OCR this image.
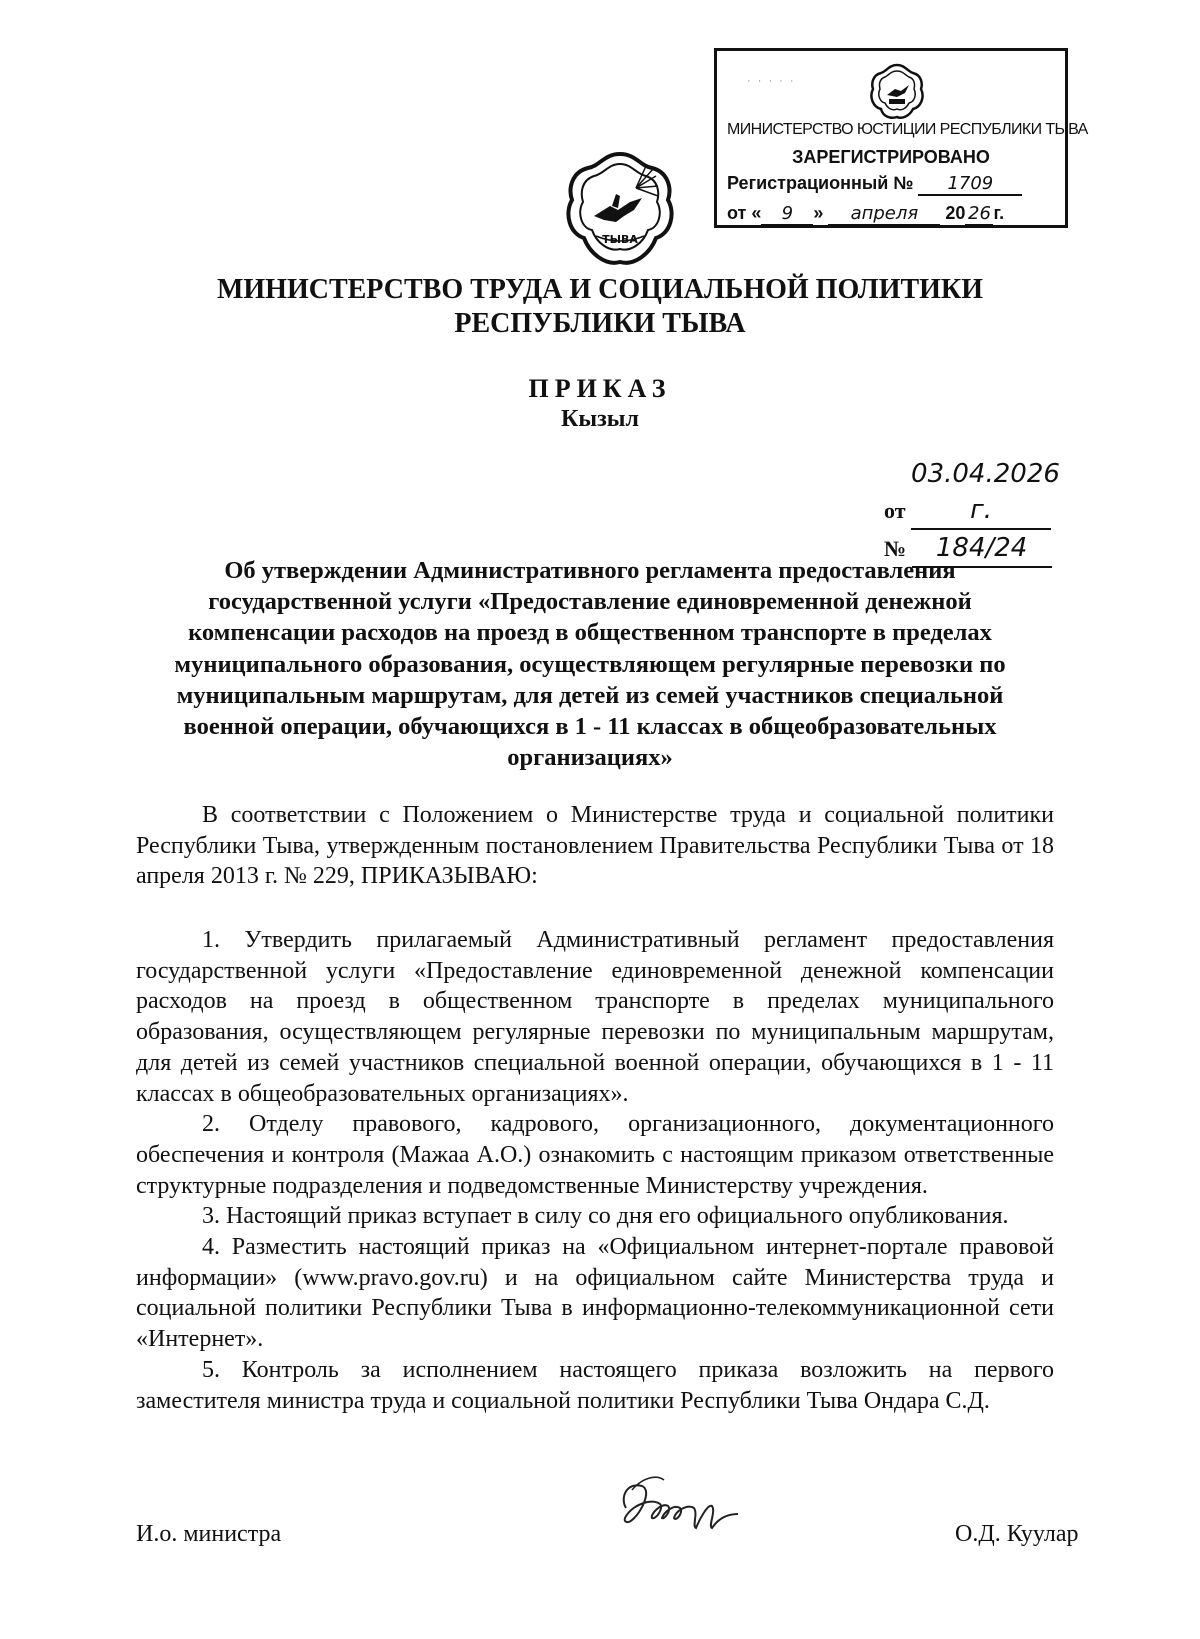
· · · · ·
МИНИСТЕРСТВО ЮСТИЦИИ РЕСПУБЛИКИ ТЫВА
ЗАРЕГИСТРИРОВАНО
Регистрационный № 1709
от « 9 » апреля 20 26 г.
ТЫВА
МИНИСТЕРСТВО ТРУДА И СОЦИАЛЬНОЙ ПОЛИТИКИ
РЕСПУБЛИКИ ТЫВА
ПРИКАЗ
Кызыл
от 03.04.2026 г.
№ 184/24
Об утверждении Административного регламента предоставления государственной услуги «Предоставление единовременной денежной компенсации расходов на проезд в общественном транспорте в пределах муниципального образования, осуществляющем регулярные перевозки по муниципальным маршрутам, для детей из семей участников специальной военной операции, обучающихся в 1 - 11 классах в общеобразовательных организациях»
В соответствии с Положением о Министерстве труда и социальной политики Республики Тыва, утвержденным постановлением Правительства Республики Тыва от 18 апреля 2013 г. № 229, ПРИКАЗЫВАЮ:

1. Утвердить прилагаемый Административный регламент предоставления государственной услуги «Предоставление единовременной денежной компенсации расходов на проезд в общественном транспорте в пределах муниципального образования, осуществляющем регулярные перевозки по муниципальным маршрутам, для детей из семей участников специальной военной операции, обучающихся в 1 - 11 классах в общеобразовательных организациях».

2. Отделу правового, кадрового, организационного, документационного обеспечения и контроля (Мажаа А.О.) ознакомить с настоящим приказом ответственные структурные подразделения и подведомственные Министерству учреждения.

3. Настоящий приказ вступает в силу со дня его официального опубликования.

4. Разместить настоящий приказ на «Официальном интернет-портале правовой информации» (www.pravo.gov.ru) и на официальном сайте Министерства труда и социальной политики Республики Тыва в информационно-телекоммуникационной сети «Интернет».

5. Контроль за исполнением настоящего приказа возложить на первого заместителя министра труда и социальной политики Республики Тыва Ондара С.Д.

И.о. министра	О.Д. Куулар
